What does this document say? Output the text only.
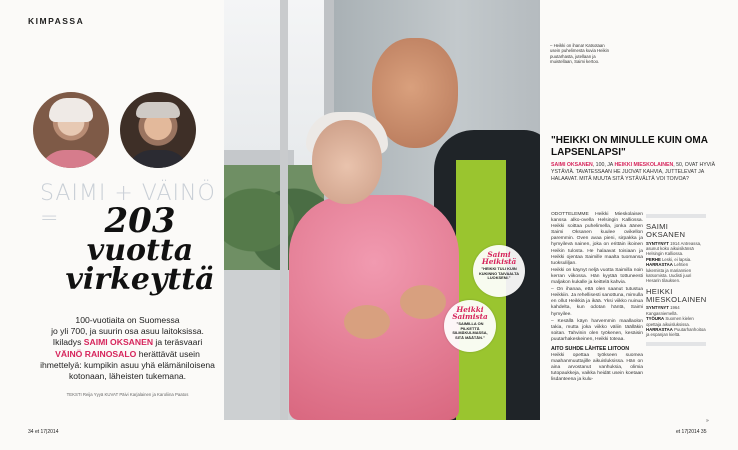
KIMPASSA
SAIMI + VÄINÖ =	203
vuotta
virkeyttä
100-vuotiaita on Suomessa
jo yli 700, ja suurin osa asuu laitoksissa.
Ikiladys SAIMI OKSANEN ja teräsvaari
VÄINÖ RAINOSALO herättävät usein ihmettelyä: kumpikin asuu yhä elämäniloisena kotonaan, läheisten tukemana.
TEKSTI Reija Yyyä KUVAT Päivi Karjalainen ja Karoliina Paatos
34 et 17|2014
Saimi
Heikistä
"HEIKKI TULI KUIN KUKINNO TAIVAALTA LUOKSENI."
Heikki
Saimista
"SAIMILLA ON PILKETTÄ SILMÄKULMASSA, SITÄ MÄÄTÄN."
– Heikki on ihana! Katsotaan usein puhelimesta kuvia Heikin puutarhasta, jutellaan ja muistellaan, Saimi kertoo.
"HEIKKI ON MINULLE KUIN OMA LAPSENLAPSI"
SAIMI OKSANEN, 100, JA HEIKKI MIESKOLAINEN, 50, OVAT HYVIÄ YSTÄVIÄ. TAVATESSAAN HE JUOVAT KAHVIA, JUTTELEVAT JA HALAAVAT. MITÄ MUUTA SITÄ YSTÄVÄLTÄ VOI TOIVOA?

ODOTTELEMME Heikki Mieskolaisen kanssa alko-ovella Helsingin Kalliossa. Heikki soittaa puhelimella, jonka äänen Saimi Oksanen kuulee ovikellon paremmin. Oven avaa pieni, sirpakka ja hymyilevä nainen, joka on erittäin ikoinen Heikin tulosta. He halaavat toisiaan ja Heikki ojentaa Saimille maalta tuomansa tuoksuliljan.

Heikki on käynyt neljä vuotta Saimilla noin kerran viikossa. Hän kyytää tottuneesti maljakon kukalle ja keittelä kahvia.

– On ihanaa, että olen saanut tutustua Heikkiin. Ja rehellisesti sanottuna, mimulla en ollut Heikkiä ja ikää. Yksi viikko nuinua kahdelta, kun odotan häntä, Saimi hymyilee.

– Kesällä käyn harvemmin maallaolon takia, mutta joka viikko väliin täälläkin soitan. Tahvinin olen työkenen, kesäisin puutarhakeskeinen, Heikki toteaa.

AITO SUHDE LÄHTEE LIITOON

Heikki opettaa työkseen suomea maahanmuuttajille aikuisluksissa. Hän on aina arvostanut vanhuksia, olimia tutopaukkeja, vaikka heidät usein koetaan lisdanteena ja kulu-

SAIMI
OKSANEN
SYNTYNYT 1914 Antreassa, asunut koko aikuisikänsä Helsingin Kalliossa.
PERHE Leski, ei lapsia.
HARRASTAA Lehtien lukemista ja mariannien katsomista. Uudisti juuri Hesarin tilauksen.
HEIKKI
MIESKOLAINEN
SYNTYNYT 1964 Kangasniemellä.
TYÖURA Suomen kielen opettaja aikuisluksissa.
HARRASTAA Puutarhanhoitoa ja espanjan kieltä.
»
et 17|2014 35
